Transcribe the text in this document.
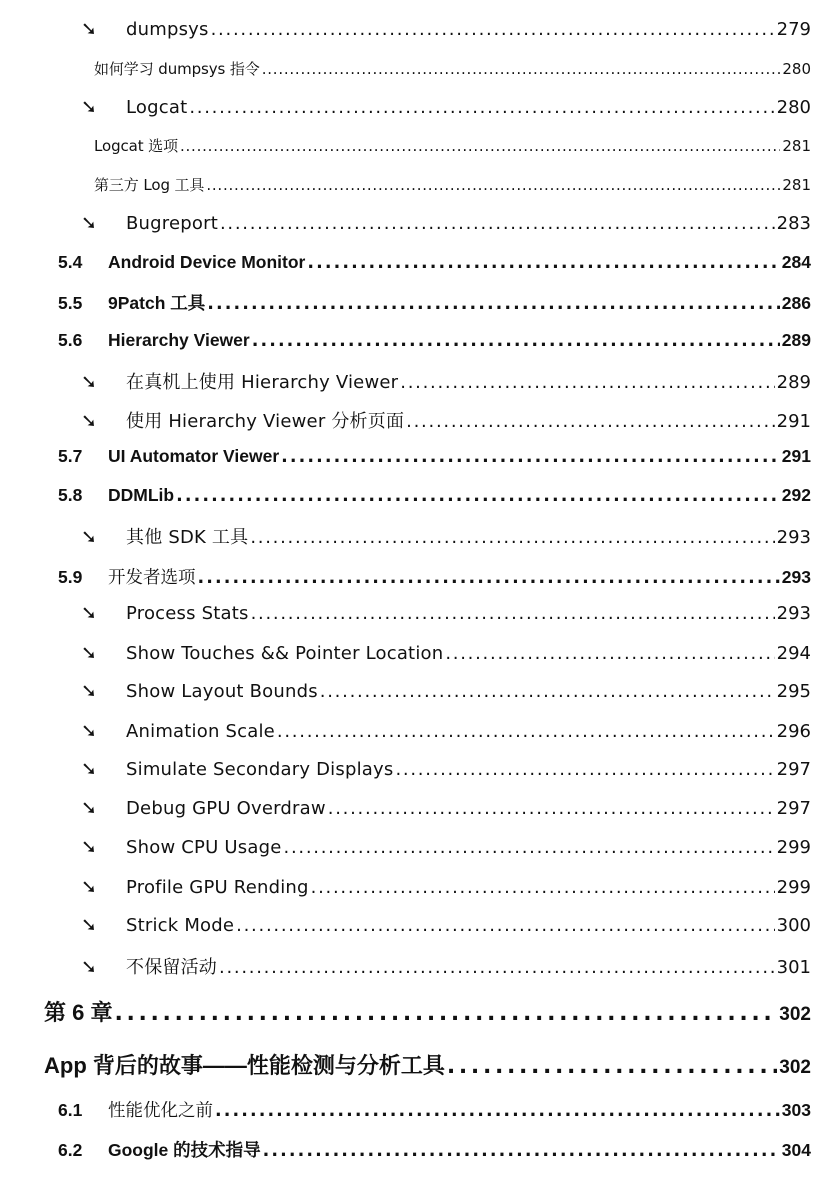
➘	dumpsys . . .	279
如何学习 dumpsys 指令 . . .	280
➘	Logcat . . .	280
Logcat 选项 . . .	281
第三方 Log 工具 . . .	281
➘	Bugreport . . .	283
5.4	Android Device Monitor . . .	284
5.5	9Patch 工具 . . .	286
5.6	Hierarchy Viewer . . .	289
➘	在真机上使用 Hierarchy Viewer . . .	289
➘	使用 Hierarchy Viewer 分析页面 . . .	291
5.7	UI Automator Viewer . . .	291
5.8	DDMLib . . .	292
➘	其他 SDK 工具 . . .	293
5.9	开发者选项 . . .	293
➘	Process Stats . . .	293
➘	Show Touches && Pointer Location . . .	294
➘	Show Layout Bounds . . .	295
➘	Animation Scale . . .	296
➘	Simulate Secondary Displays . . .	297
➘	Debug GPU Overdraw . . .	297
➘	Show CPU Usage . . .	299
➘	Profile GPU Rending . . .	299
➘	Strick Mode . . .	300
➘	不保留活动 . . .	301
第 6 章 . . .	302
App 背后的故事——性能检测与分析工具 . . .	302
6.1	性能优化之前 . . .	303
6.2	Google 的技术指导 . . .	304
